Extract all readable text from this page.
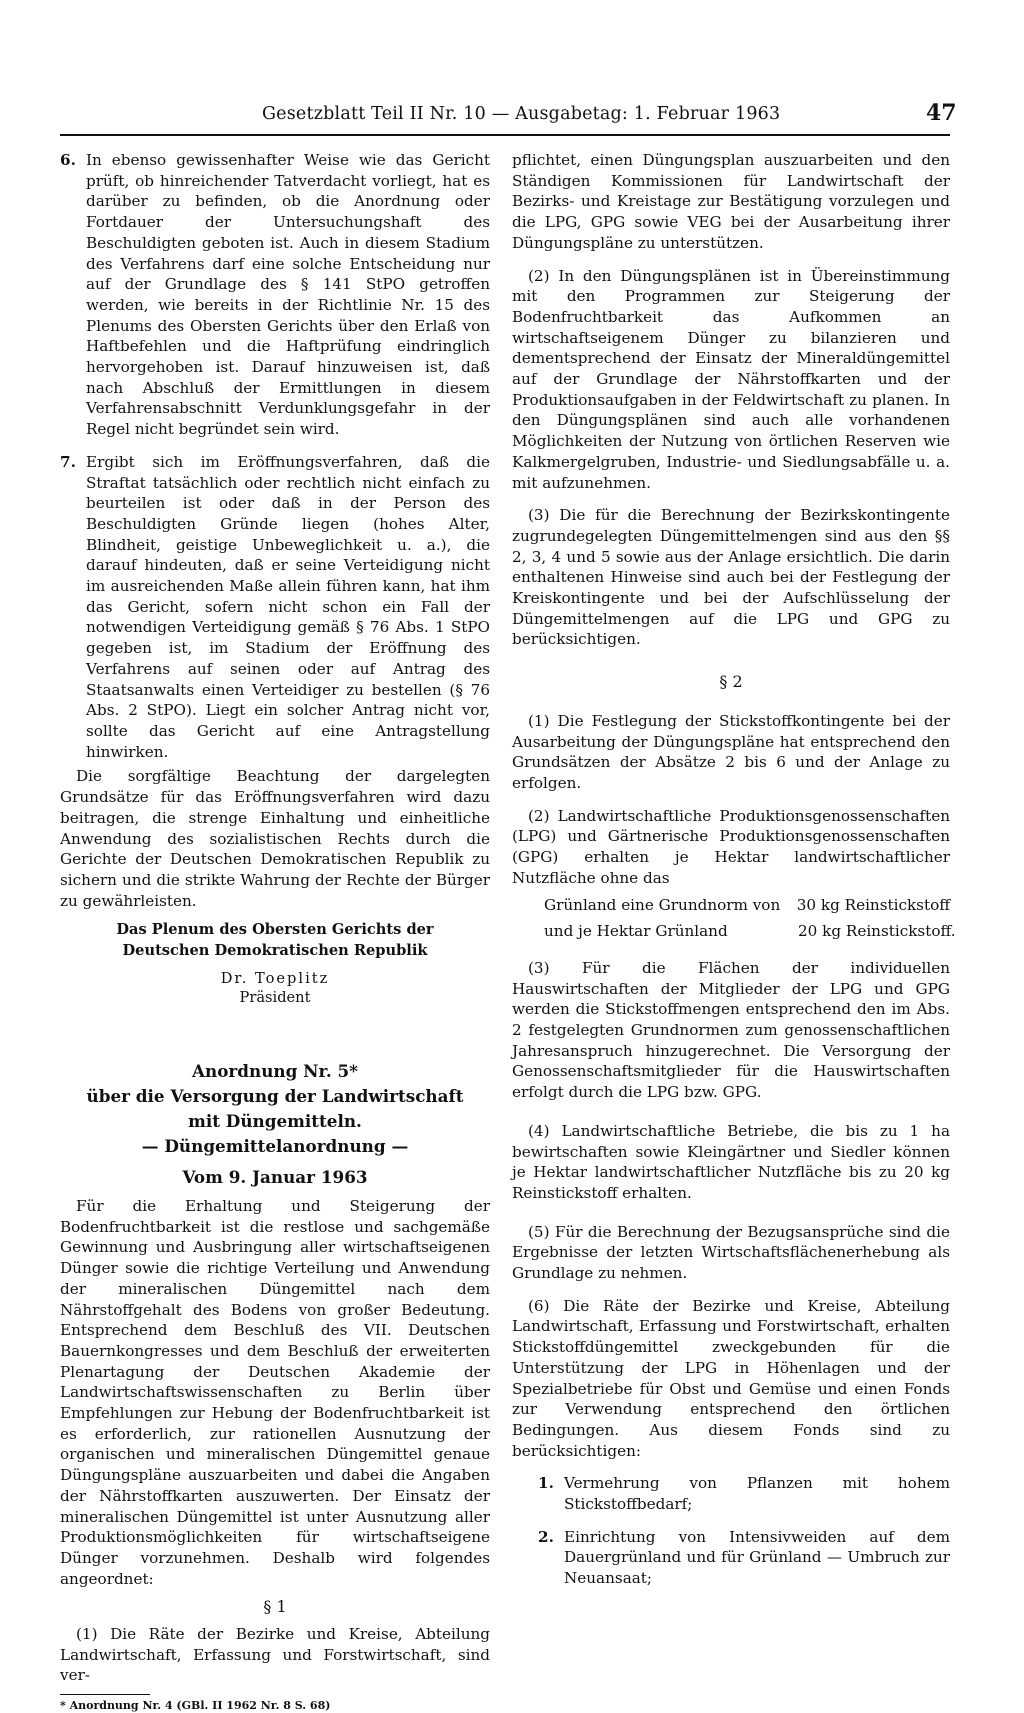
Gesetzblatt Teil II Nr. 10 — Ausgabetag: 1. Februar 1963	47
6. In ebenso gewissenhafter Weise wie das Gericht prüft, ob hinreichender Tatverdacht vorliegt, hat es darüber zu befinden, ob die Anordnung oder Fortdauer der Untersuchungshaft des Beschuldigten geboten ist. Auch in diesem Stadium des Verfahrens darf eine solche Entscheidung nur auf der Grundlage des § 141 StPO getroffen werden, wie bereits in der Richtlinie Nr. 15 des Plenums des Obersten Gerichts über den Erlaß von Haftbefehlen und die Haftprüfung eindringlich hervorgehoben ist. Darauf hinzuweisen ist, daß nach Abschluß der Ermittlungen in diesem Verfahrensabschnitt Verdunklungsgefahr in der Regel nicht begründet sein wird.
7. Ergibt sich im Eröffnungsverfahren, daß die Straftat tatsächlich oder rechtlich nicht einfach zu beurteilen ist oder daß in der Person des Beschuldigten Gründe liegen (hohes Alter, Blindheit, geistige Unbeweglichkeit u. a.), die darauf hindeuten, daß er seine Verteidigung nicht im ausreichenden Maße allein führen kann, hat ihm das Gericht, sofern nicht schon ein Fall der notwendigen Verteidigung gemäß § 76 Abs. 1 StPO gegeben ist, im Stadium der Eröffnung des Verfahrens auf seinen oder auf Antrag des Staatsanwalts einen Verteidiger zu bestellen (§ 76 Abs. 2 StPO). Liegt ein solcher Antrag nicht vor, sollte das Gericht auf eine Antragstellung hinwirken.

Die sorgfältige Beachtung der dargelegten Grundsätze für das Eröffnungsverfahren wird dazu beitragen, die strenge Einhaltung und einheitliche Anwendung des sozialistischen Rechts durch die Gerichte der Deutschen Demokratischen Republik zu sichern und die strikte Wahrung der Rechte der Bürger zu gewährleisten.

Das Plenum des Obersten Gerichts der
Deutschen Demokratischen Republik
Dr. Toeplitz
Präsident
Anordnung Nr. 5*
über die Versorgung der Landwirtschaft
mit Düngemitteln.
— Düngemittelanordnung —
Vom 9. Januar 1963

Für die Erhaltung und Steigerung der Bodenfruchtbarkeit ist die restlose und sachgemäße Gewinnung und Ausbringung aller wirtschaftseigenen Dünger sowie die richtige Verteilung und Anwendung der mineralischen Düngemittel nach dem Nährstoffgehalt des Bodens von großer Bedeutung. Entsprechend dem Beschluß des VII. Deutschen Bauernkongresses und dem Beschluß der erweiterten Plenartagung der Deutschen Akademie der Landwirtschaftswissenschaften zu Berlin über Empfehlungen zur Hebung der Bodenfruchtbarkeit ist es erforderlich, zur rationellen Ausnutzung der organischen und mineralischen Düngemittel genaue Düngungspläne auszuarbeiten und dabei die Angaben der Nährstoffkarten auszuwerten. Der Einsatz der mineralischen Düngemittel ist unter Ausnutzung aller Produktionsmöglichkeiten für wirtschaftseigene Dünger vorzunehmen. Deshalb wird folgendes angeordnet:

§ 1

(1) Die Räte der Bezirke und Kreise, Abteilung Landwirtschaft, Erfassung und Forstwirtschaft, sind ver-

* Anordnung Nr. 4 (GBl. II 1962 Nr. 8 S. 68)

pflichtet, einen Düngungsplan auszuarbeiten und den Ständigen Kommissionen für Landwirtschaft der Bezirks- und Kreistage zur Bestätigung vorzulegen und die LPG, GPG sowie VEG bei der Ausarbeitung ihrer Düngungspläne zu unterstützen.

(2) In den Düngungsplänen ist in Übereinstimmung mit den Programmen zur Steigerung der Bodenfruchtbarkeit das Aufkommen an wirtschaftseigenem Dünger zu bilanzieren und dementsprechend der Einsatz der Mineraldüngemittel auf der Grundlage der Nährstoffkarten und der Produktionsaufgaben in der Feldwirtschaft zu planen. In den Düngungsplänen sind auch alle vorhandenen Möglichkeiten der Nutzung von örtlichen Reserven wie Kalkmergelgruben, Industrie- und Siedlungsabfälle u. a. mit aufzunehmen.

(3) Die für die Berechnung der Bezirkskontingente zugrundegelegten Düngemittelmengen sind aus den §§ 2, 3, 4 und 5 sowie aus der Anlage ersichtlich. Die darin enthaltenen Hinweise sind auch bei der Festlegung der Kreiskontingente und bei der Aufschlüsselung der Düngemittelmengen auf die LPG und GPG zu berücksichtigen.

§ 2

(1) Die Festlegung der Stickstoffkontingente bei der Ausarbeitung der Düngungspläne hat entsprechend den Grundsätzen der Absätze 2 bis 6 und der Anlage zu erfolgen.

(2) Landwirtschaftliche Produktionsgenossenschaften (LPG) und Gärtnerische Produktionsgenossenschaften (GPG) erhalten je Hektar landwirtschaftlicher Nutzfläche ohne das

Grünland eine Grundnorm von 30 kg Reinstickstoff
und je Hektar Grünland	20 kg Reinstickstoff.

(3) Für die Flächen der individuellen Hauswirtschaften der Mitglieder der LPG und GPG werden die Stickstoffmengen entsprechend den im Abs. 2 festgelegten Grundnormen zum genossenschaftlichen Jahresanspruch hinzugerechnet. Die Versorgung der Genossenschaftsmitglieder für die Hauswirtschaften erfolgt durch die LPG bzw. GPG.

(4) Landwirtschaftliche Betriebe, die bis zu 1 ha bewirtschaften sowie Kleingärtner und Siedler können je Hektar landwirtschaftlicher Nutzfläche bis zu 20 kg Reinstickstoff erhalten.

(5) Für die Berechnung der Bezugsansprüche sind die Ergebnisse der letzten Wirtschaftsflächenerhebung als Grundlage zu nehmen.

(6) Die Räte der Bezirke und Kreise, Abteilung Landwirtschaft, Erfassung und Forstwirtschaft, erhalten Stickstoffdüngemittel zweckgebunden für die Unterstützung der LPG in Höhenlagen und der Spezialbetriebe für Obst und Gemüse und einen Fonds zur Verwendung entsprechend den örtlichen Bedingungen. Aus diesem Fonds sind zu berücksichtigen:

1. Vermehrung von Pflanzen mit hohem Stickstoffbedarf;
2. Einrichtung von Intensivweiden auf dem Dauergrünland und für Grünland — Umbruch zur Neuansaat;
